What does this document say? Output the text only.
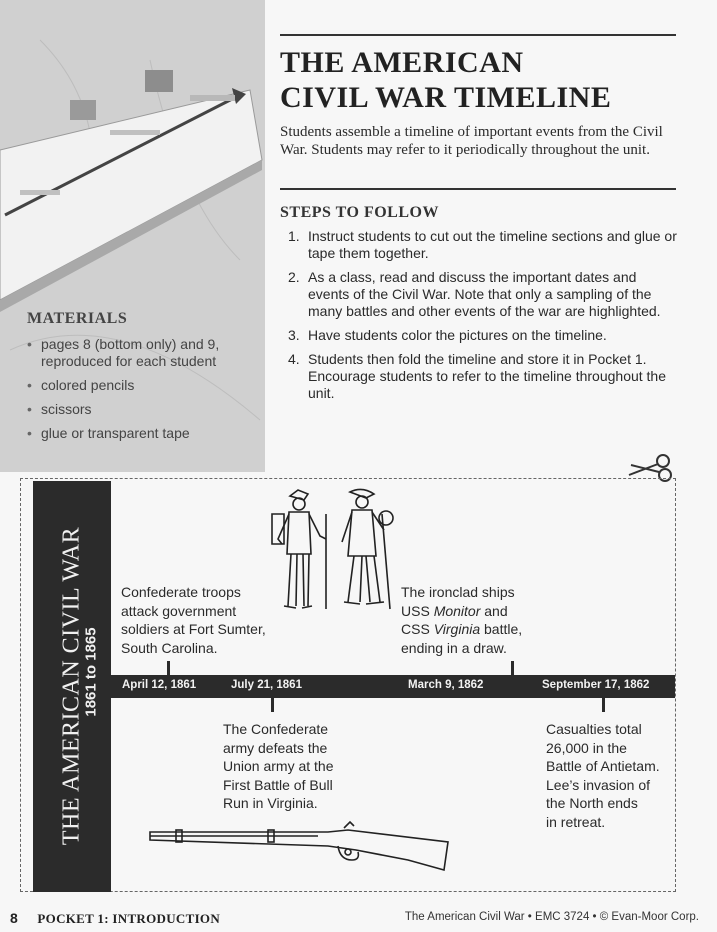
MATERIALS
• pages 8 (bottom only) and 9, reproduced for each student
• colored pencils
• scissors
• glue or transparent tape
THE AMERICAN
CIVIL WAR TIMELINE

Students assemble a timeline of important events from the Civil War. Students may refer to it periodically throughout the unit.

STEPS TO FOLLOW
1. Instruct students to cut out the timeline sections and glue or tape them together.
2. As a class, read and discuss the important dates and events of the Civil War. Note that only a sampling of the many battles and other events of the war are highlighted.
3. Have students color the pictures on the timeline.
4. Students then fold the timeline and store it in Pocket 1. Encourage students to refer to the timeline throughout the unit.
THE AMERICAN CIVIL WAR
1861 to 1865

Confederate troops
attack government
soldiers at Fort Sumter,
South Carolina.

The ironclad ships
USS Monitor and
CSS Virginia battle,
ending in a draw.

April 12, 1861	July 21, 1861	March 9, 1862	September 17, 1862

The Confederate
army defeats the
Union army at the
First Battle of Bull
Run in Virginia.

Casualties total
26,000 in the
Battle of Antietam.
Lee’s invasion of
the North ends
in retreat.

8 POCKET 1: INTRODUCTION	The American Civil War • EMC 3724 • © Evan-Moor Corp.
